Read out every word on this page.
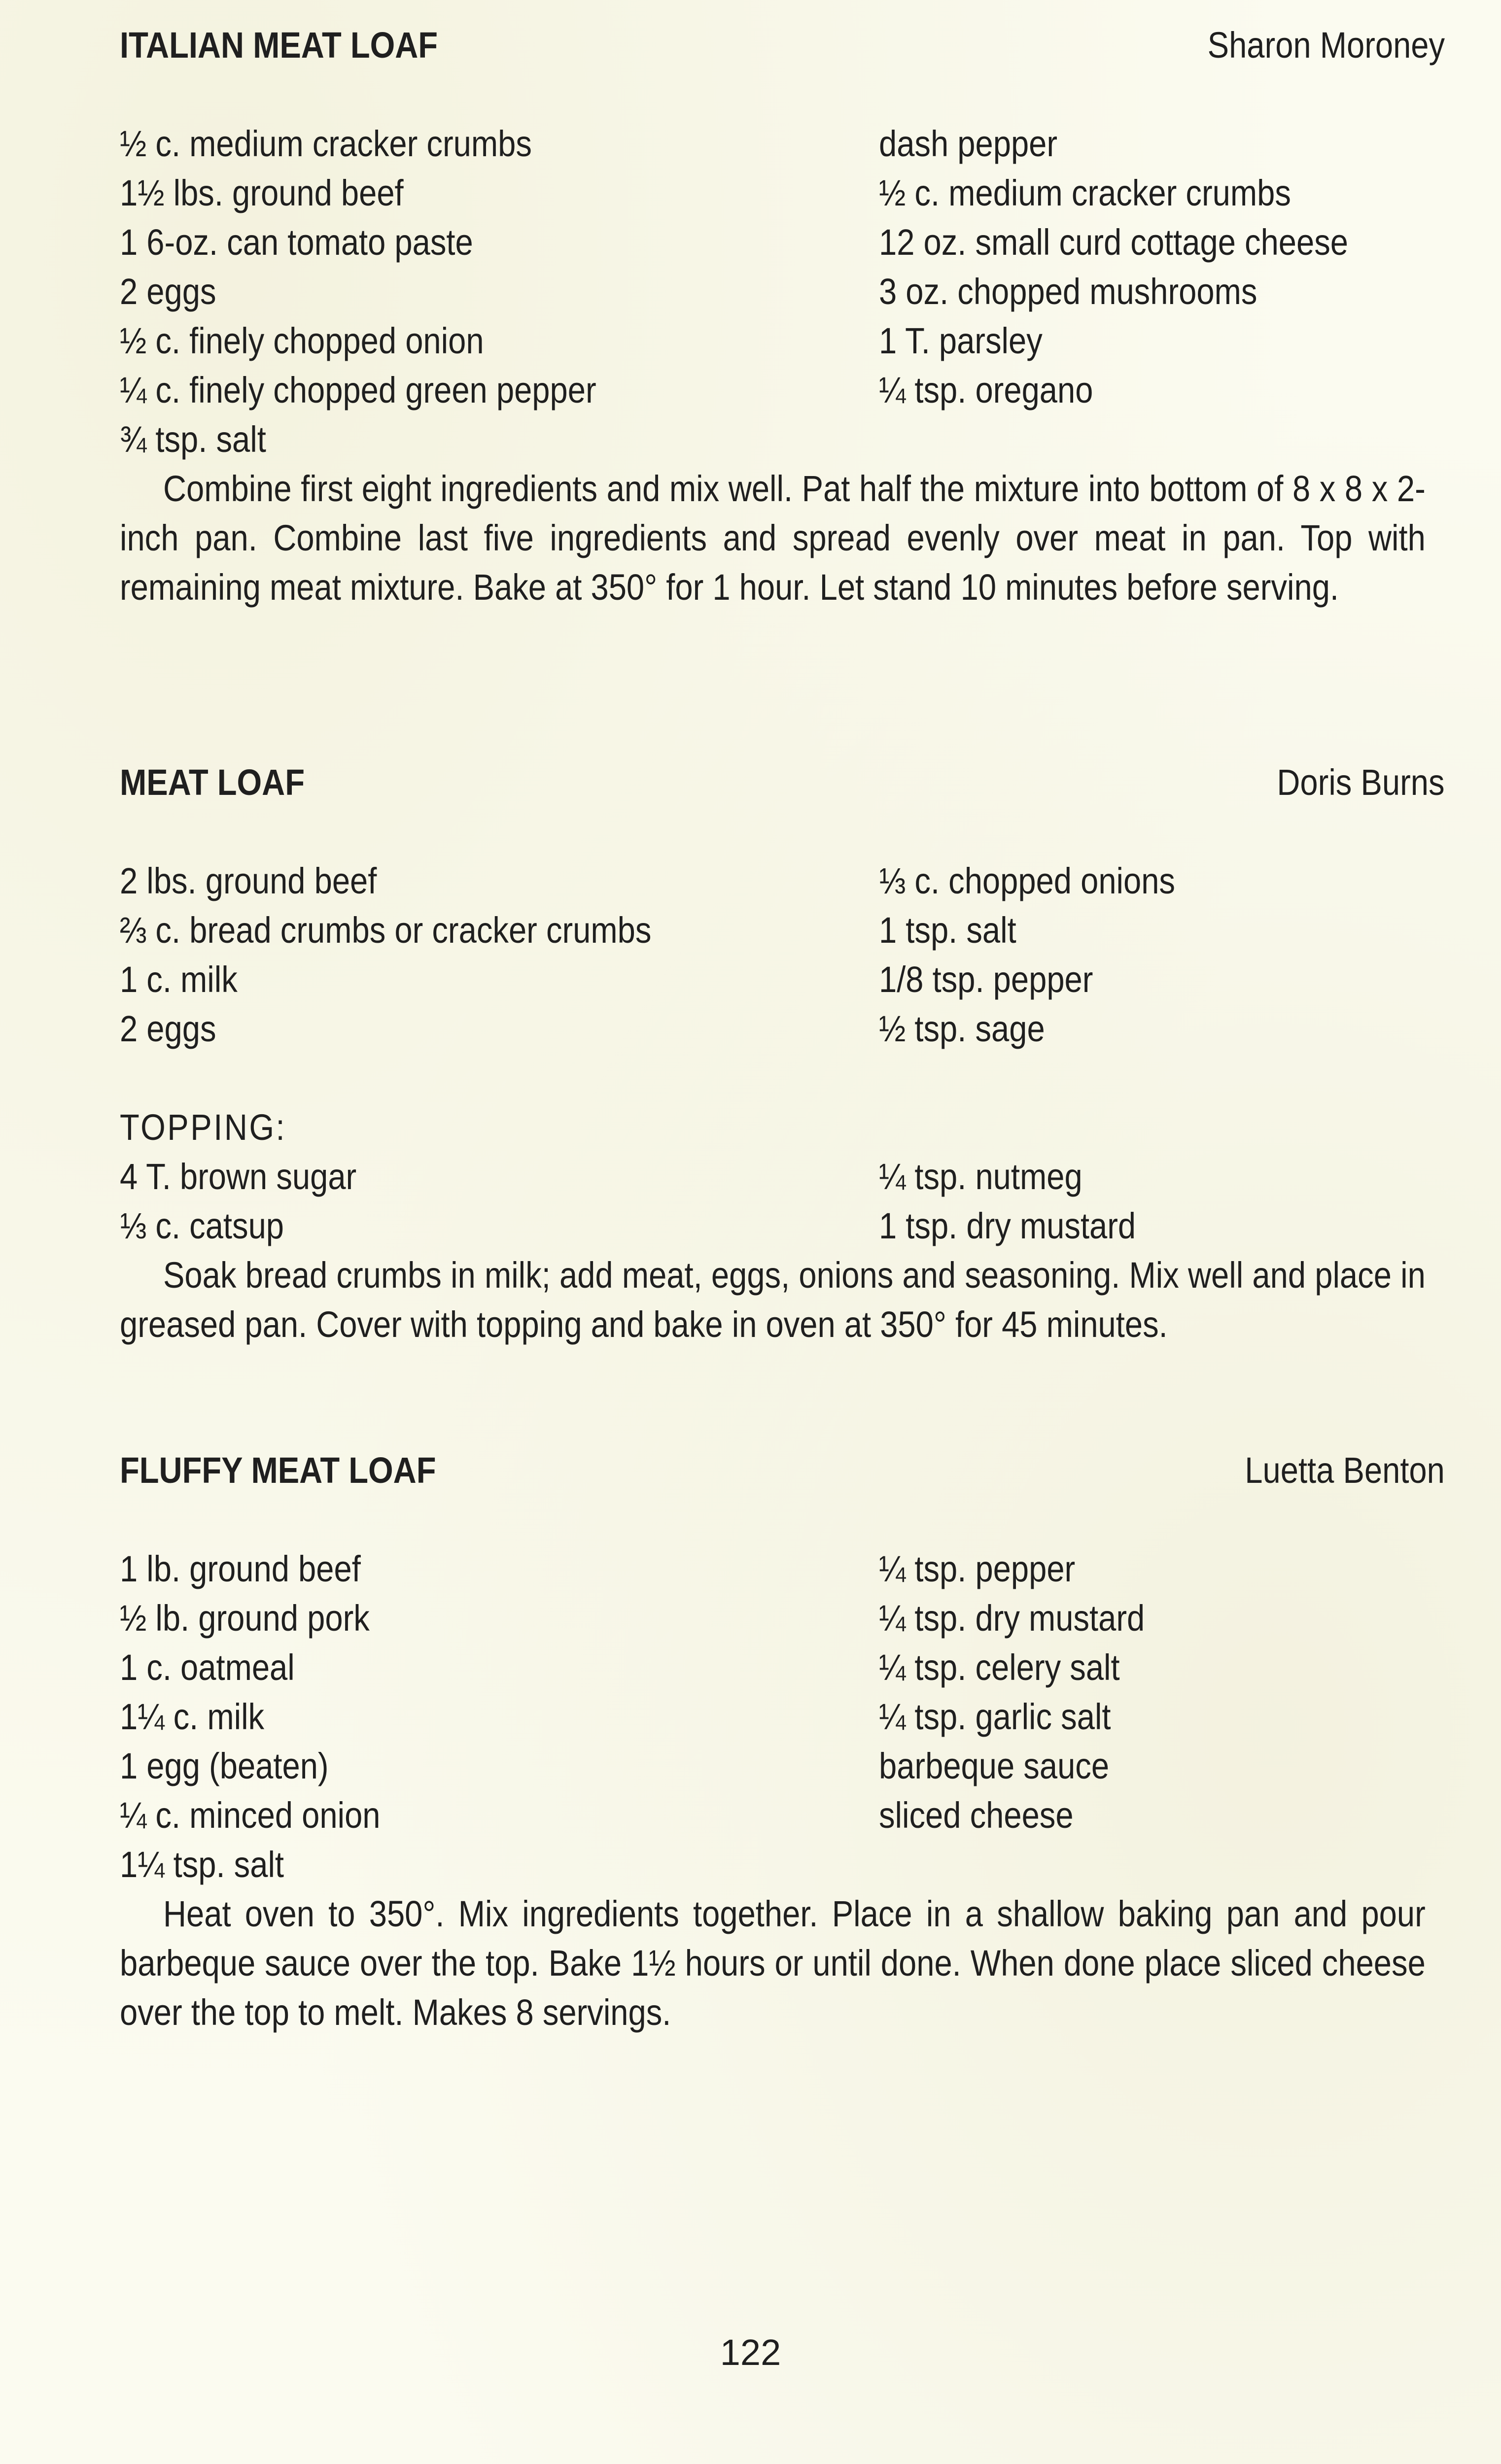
ITALIAN MEAT LOAF	Sharon Moroney
½ c. medium cracker crumbs
1½ lbs. ground beef
1 6-oz. can tomato paste
2 eggs
½ c. finely chopped onion
¼ c. finely chopped green pepper
¾ tsp. salt
dash pepper
½ c. medium cracker crumbs
12 oz. small curd cottage cheese
3 oz. chopped mushrooms
1 T. parsley
¼ tsp. oregano

Combine first eight ingredients and mix well. Pat half the mixture into bottom of 8 x 8 x 2-inch pan. Combine last five ingredients and spread evenly over meat in pan. Top with remaining meat mixture. Bake at 350° for 1 hour. Let stand 10 minutes before serving.

MEAT LOAF	Doris Burns
2 lbs. ground beef
⅔ c. bread crumbs or cracker crumbs
1 c. milk
2 eggs
⅓ c. chopped onions
1 tsp. salt
1/8 tsp. pepper
½ tsp. sage
TOPPING:
4 T. brown sugar
⅓ c. catsup
¼ tsp. nutmeg
1 tsp. dry mustard

Soak bread crumbs in milk; add meat, eggs, onions and seasoning. Mix well and place in greased pan. Cover with topping and bake in oven at 350° for 45 minutes.

FLUFFY MEAT LOAF	Luetta Benton
1 lb. ground beef
½ lb. ground pork
1 c. oatmeal
1¼ c. milk
1 egg (beaten)
¼ c. minced onion
1¼ tsp. salt
¼ tsp. pepper
¼ tsp. dry mustard
¼ tsp. celery salt
¼ tsp. garlic salt
barbeque sauce
sliced cheese

Heat oven to 350°. Mix ingredients together. Place in a shallow baking pan and pour barbeque sauce over the top. Bake 1½ hours or until done. When done place sliced cheese over the top to melt. Makes 8 servings.

122
